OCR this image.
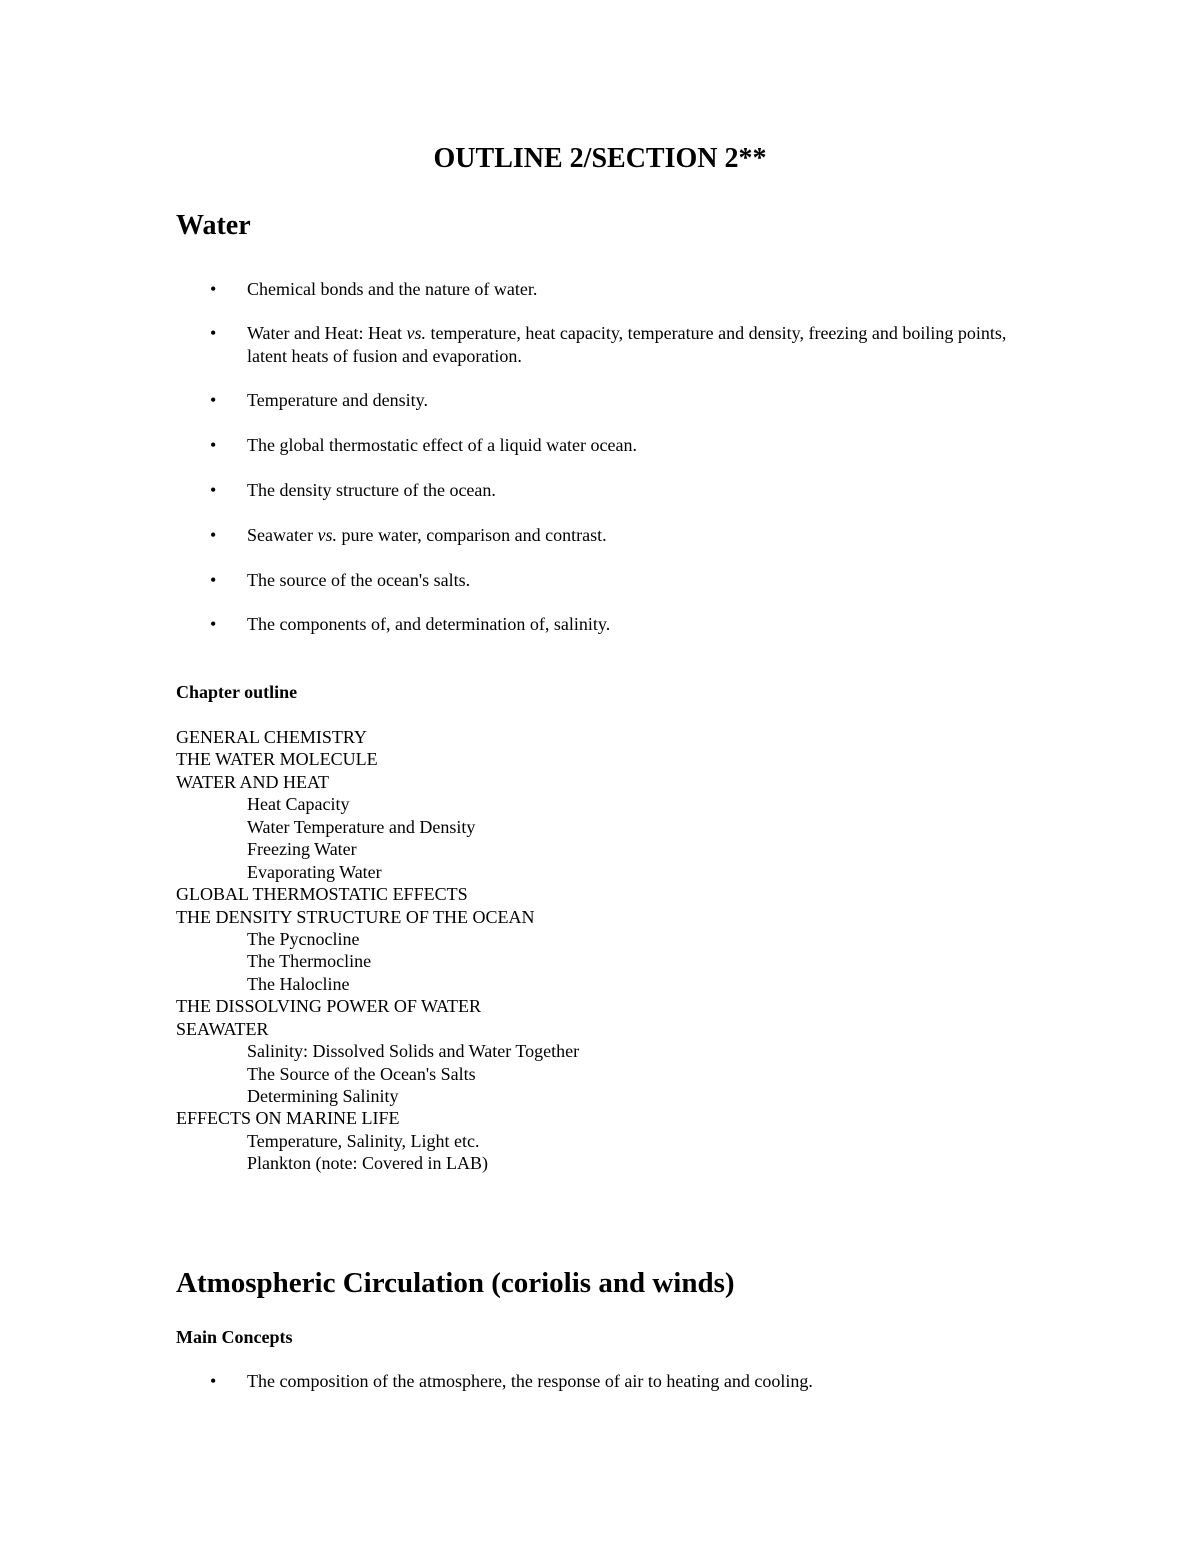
OUTLINE 2/SECTION 2**
Water
• Chemical bonds and the nature of water.
• Water and Heat: Heat vs. temperature, heat capacity, temperature and density, freezing and boiling points, latent heats of fusion and evaporation.
• Temperature and density.
• The global thermostatic effect of a liquid water ocean.
• The density structure of the ocean.
• Seawater vs. pure water, comparison and contrast.
• The source of the ocean's salts.
• The components of, and determination of, salinity.
Chapter outline
GENERAL CHEMISTRY
THE WATER MOLECULE
WATER AND HEAT
Heat Capacity
Water Temperature and Density
Freezing Water
Evaporating Water
GLOBAL THERMOSTATIC EFFECTS
THE DENSITY STRUCTURE OF THE OCEAN
The Pycnocline
The Thermocline
The Halocline
THE DISSOLVING POWER OF WATER
SEAWATER
Salinity: Dissolved Solids and Water Together
The Source of the Ocean's Salts
Determining Salinity
EFFECTS ON MARINE LIFE
Temperature, Salinity, Light etc.
Plankton (note: Covered in LAB)
Atmospheric Circulation (coriolis and winds)
Main Concepts
• The composition of the atmosphere, the response of air to heating and cooling.
